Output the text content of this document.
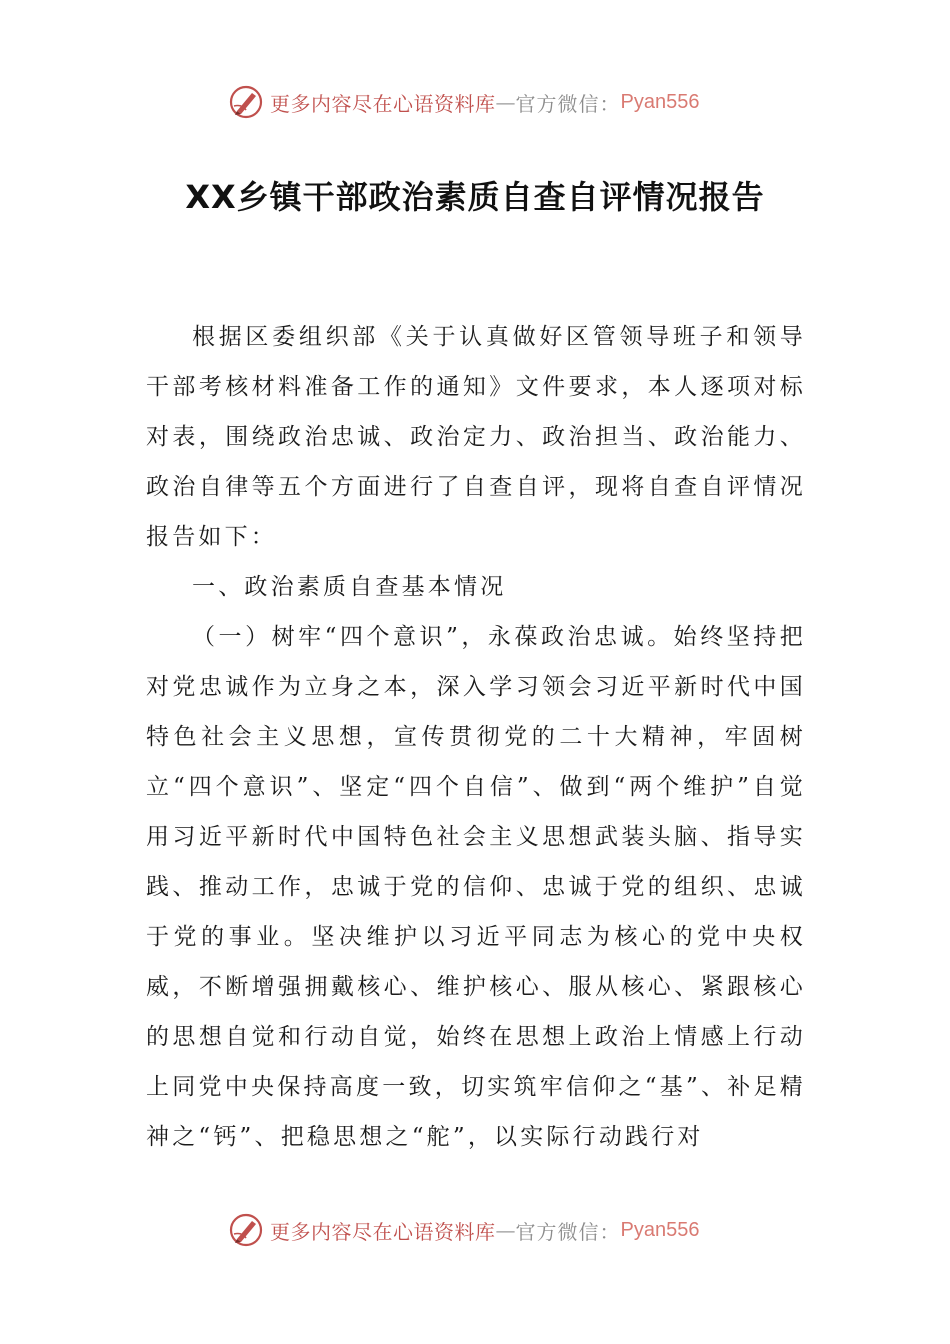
更多内容尽在心语资料库 — 官方微信： Pyan556
XX乡镇干部政治素质自查自评情况报告

根据区委组织部《关于认真做好区管领导班子和领导干部考核材料准备工作的通知》文件要求，本人逐项对标对表，围绕政治忠诚、政治定力、政治担当、政治能力、政治自律等五个方面进行了自查自评，现将自查自评情况报告如下：

一、政治素质自查基本情况

（一）树牢“四个意识”，永葆政治忠诚。始终坚持把对党忠诚作为立身之本，深入学习领会习近平新时代中国特色社会主义思想，宣传贯彻党的二十大精神，牢固树立“四个意识”、坚定“四个自信”、做到“两个维护”自觉用习近平新时代中国特色社会主义思想武装头脑、指导实践、推动工作，忠诚于党的信仰、忠诚于党的组织、忠诚于党的事业。坚决维护以习近平同志为核心的党中央权威，不断增强拥戴核心、维护核心、服从核心、紧跟核心的思想自觉和行动自觉，始终在思想上政治上情感上行动上同党中央保持高度一致，切实筑牢信仰之“基”、补足精神之“钙”、把稳思想之“舵”，以实际行动践行对

更多内容尽在心语资料库 — 官方微信： Pyan556
